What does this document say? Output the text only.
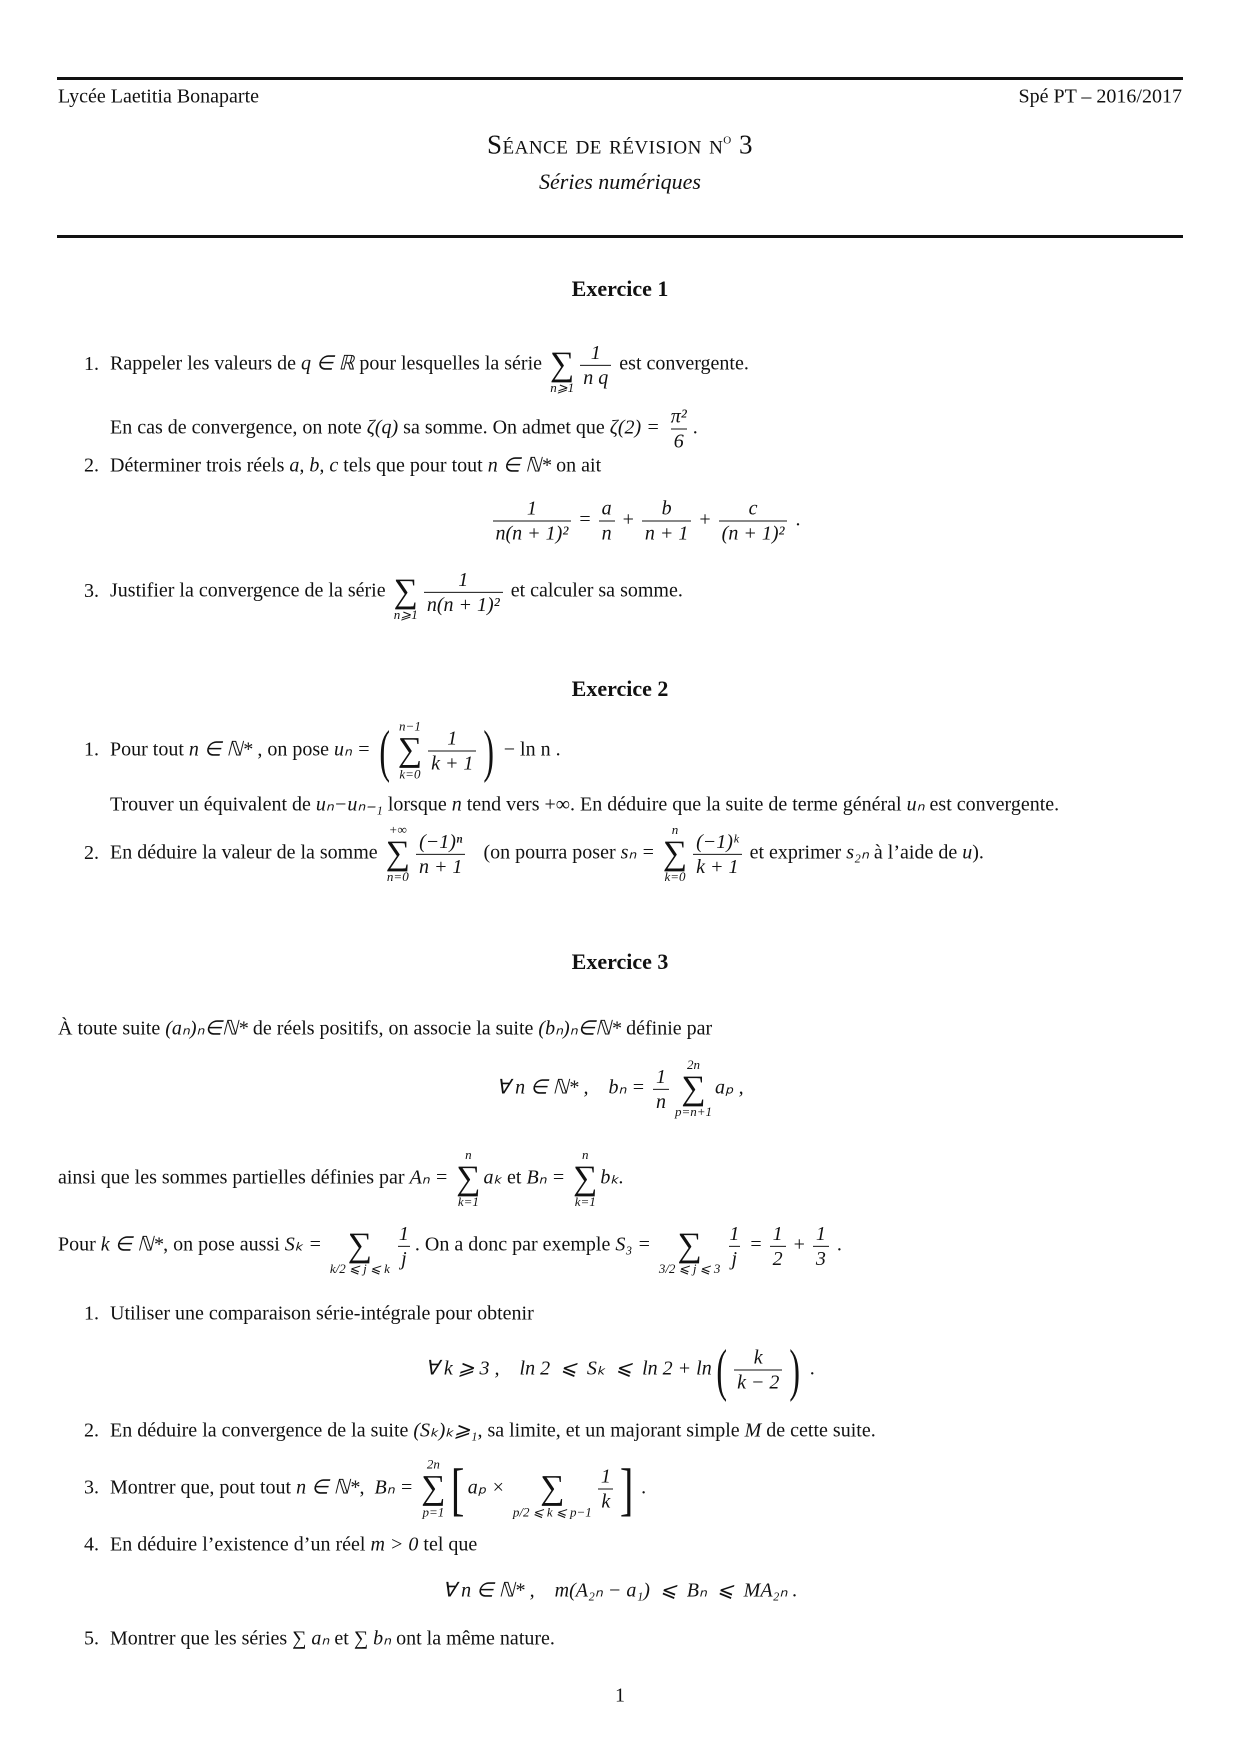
Lycée Laetitia Bonaparte	Spé PT – 2016/2017
Séance de révision $n^o$ 3
Séries numériques
Exercice 1
1. Rappeler les valeurs de q ∈ ℝ pour lesquelles la série ∑
n⩾1 $\frac{1}{\text{n q}}$ est convergente.
En cas de convergence, on note ζ(q) sa somme. On admet que $\zeta(2) = \frac{\text{π²}}{6}$ .
2. Déterminer trois réels a, b, c tels que pour tout n ∈ ℕ* on ait
$\frac{1}{\text{n(n + 1)²}} = \frac{a}{n} + \frac{b}{n + 1} + \frac{c}{\text{(n + 1)²}}$ .
3. Justifier la convergence de la série ∑
n⩾1 $\frac{1}{\text{n(n + 1)²}}$ et calculer sa somme.
Exercice 2
1. Pour tout n ∈ ℕ* , on pose uₙ = ( n−1
∑
$k=0 \frac{1}{k + 1}$ ) − ln n .
Trouver un équivalent de uₙ−uₙ₋₁ lorsque n tend vers +∞. En déduire que la suite de terme général uₙ est convergente.
2. En déduire la valeur de la somme
+∞
∑
$n=0 \frac{\text{(−1)ⁿ}}{n + 1} (on$ pourra poser sₙ =
n
∑
$k=0 \frac{\text{(−1)ᵏ}}{k + 1}$ et exprimer s₂ₙ à l’aide de u).
Exercice 3
À toute suite (aₙ)ₙ∈ℕ* de réels positifs, on associe la suite (bₙ)ₙ∈ℕ* définie par
∀ n ∈ ℕ* ,    $b_n = \frac{1}{n}$
2n
∑
p=n+1
aₚ ,
ainsi que les sommes partielles définies par Aₙ =
n
∑
k=1
aₖ et Bₙ =
n
∑
k=1
bₖ.
Pour k ∈ ℕ*, on pose aussi Sₖ = ∑
k/2 ⩽ j ⩽ k $\frac{1}{j}$ . On a donc par exemple S₃ = ∑
3/2 ⩽ j ⩽ $3 \frac{1}{j} = \frac{1}{2} + \frac{1}{3}$ .
1. Utiliser une comparaison série-intégrale pour obtenir
∀ k ⩾ 3 ,    ln 2  ⩽  Sₖ  ⩽  $\ln 2 + \ln( \frac{k}{k - 2}$ ) .
2. En déduire la convergence de la suite (Sₖ)ₖ⩾₁, sa limite, et un majorant simple M de cette suite.
3. Montrer que, pout tout n ∈ ℕ*,  Bₙ =
2n
∑
p=1 [ aₚ × ∑
p/2 ⩽ k ⩽ $p-1 \frac{1}{k}$ ] .
4. En déduire l’existence d’un réel m > 0 tel que
∀ n ∈ ℕ* ,    m(A₂ₙ − a₁)  ⩽  Bₙ  ⩽  MA₂ₙ .
5. Montrer que les séries ∑ aₙ et ∑ bₙ ont la même nature.
1
